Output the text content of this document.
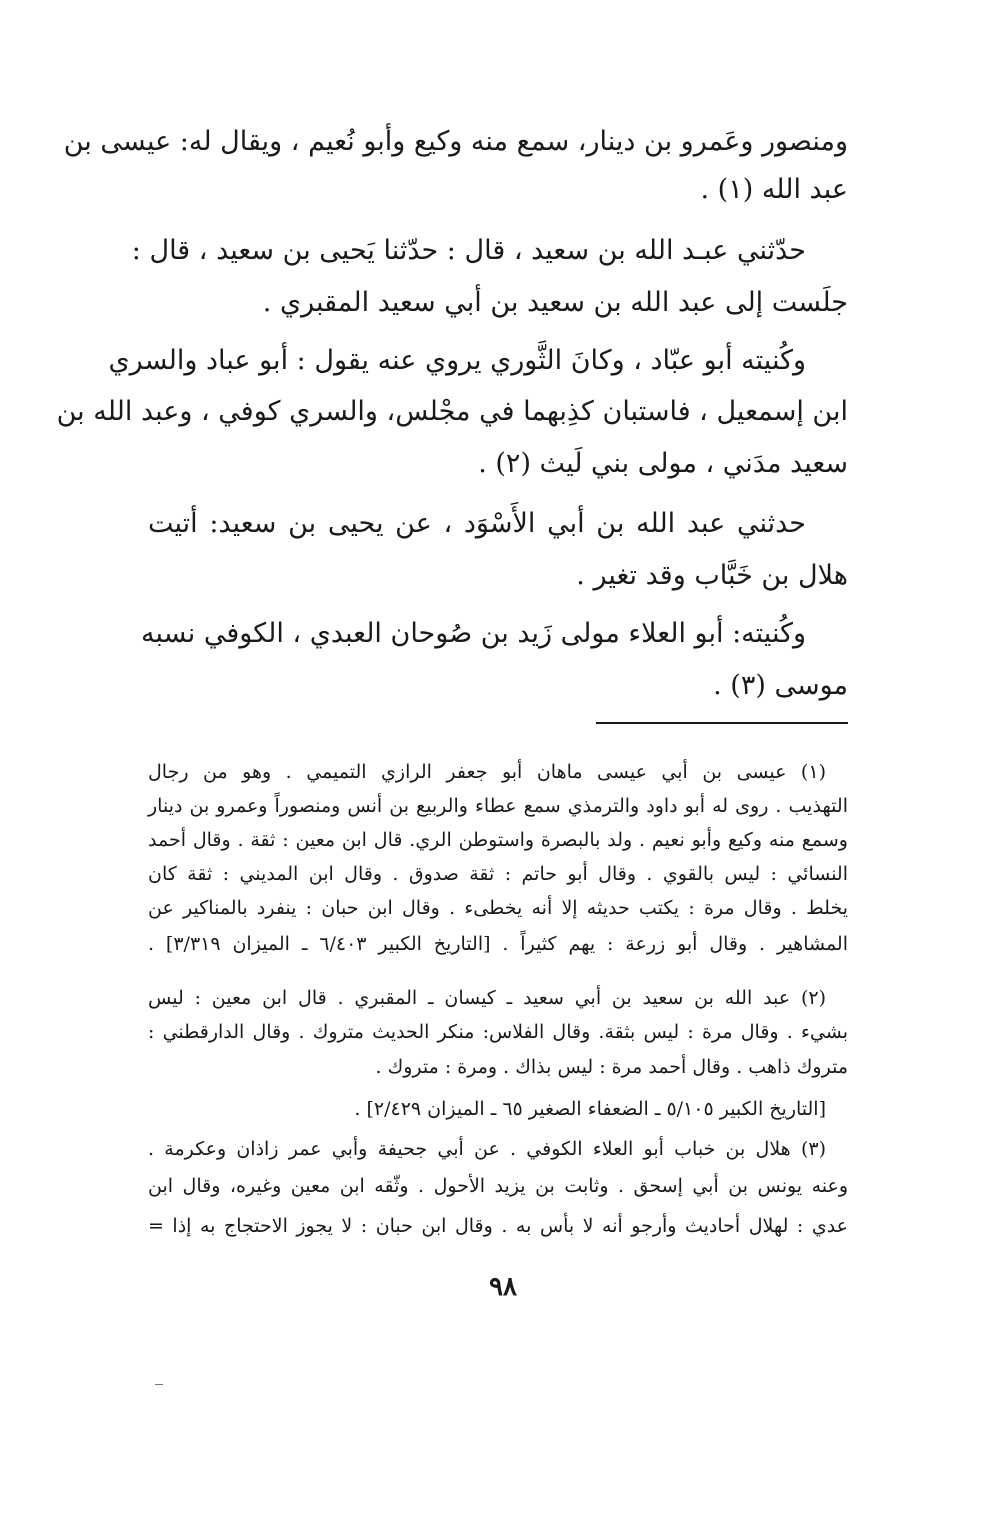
ومنصور وعَمرو بن دينار، سمع منه وكيع وأبو نُعيم ، ويقال له: عيسى بن
عبد الله (١) .
حدّثني عبـد الله بن سعيد ، قال : حدّثنا يَحيى بن سعيد ، قال :
جلَست إلى عبد الله بن سعيد بن أبي سعيد المقبري .
وكُنيته أبو عبّاد ، وكانَ الثَّوري يروي عنه يقول : أبو عباد والسري
ابن إسمعيل ، فاستبان كذِبهما في مجْلس، والسري كوفي ، وعبد الله بن
سعيد مدَني ، مولى بني لَيث (٢) .
حدثني عبد الله بن أبي الأَسْوَد ، عن يحيى بن سعيد: أتيت
هلال بن خَبَّاب وقد تغير .
وكُنيته: أبو العلاء مولى زَيد بن صُوحان العبدي ، الكوفي نسبه
موسى (٣) .
(١) عيسى بن أبي عيسى ماهان أبو جعفر الرازي التميمي . وهو من رجال
التهذيب . روى له أبو داود والترمذي سمع عطاء والربيع بن أنس ومنصوراً وعمرو بن دينار
وسمع منه وكيع وأبو نعيم . ولد بالبصرة واستوطن الري. قال ابن معين : ثقة . وقال أحمد
النسائي : ليس بالقوي . وقال أبو حاتم : ثقة صدوق . وقال ابن المديني : ثقة كان
يخلط . وقال مرة : يكتب حديثه إلا أنه يخطىء . وقال ابن حبان : ينفرد بالمناكير عن
المشاهير . وقال أبو زرعة : يهم كثيراً . [التاريخ الكبير ٦/٤٠٣ ـ الميزان ٣/٣١٩] .
(٢) عبد الله بن سعيد بن أبي سعيد ـ كيسان ـ المقبري . قال ابن معين : ليس
بشيء . وقال مرة : ليس بثقة. وقال الفلاس: منكر الحديث متروك . وقال الدارقطني :
متروك ذاهب . وقال أحمد مرة : ليس بذاك . ومرة : متروك .
[التاريخ الكبير ٥/١٠٥ ـ الضعفاء الصغير ٦٥ ـ الميزان ٢/٤٢٩] .
(٣) هلال بن خباب أبو العلاء الكوفي . عن أبي جحيفة وأبي عمر زاذان وعكرمة .
وعنه يونس بن أبي إسحق . وثابت بن يزيد الأحول . وثّقه ابن معين وغيره، وقال ابن
عدي : لهلال أحاديث وأرجو أنه لا بأس به . وقال ابن حبان : لا يجوز الاحتجاج به إذا =
٩٨
